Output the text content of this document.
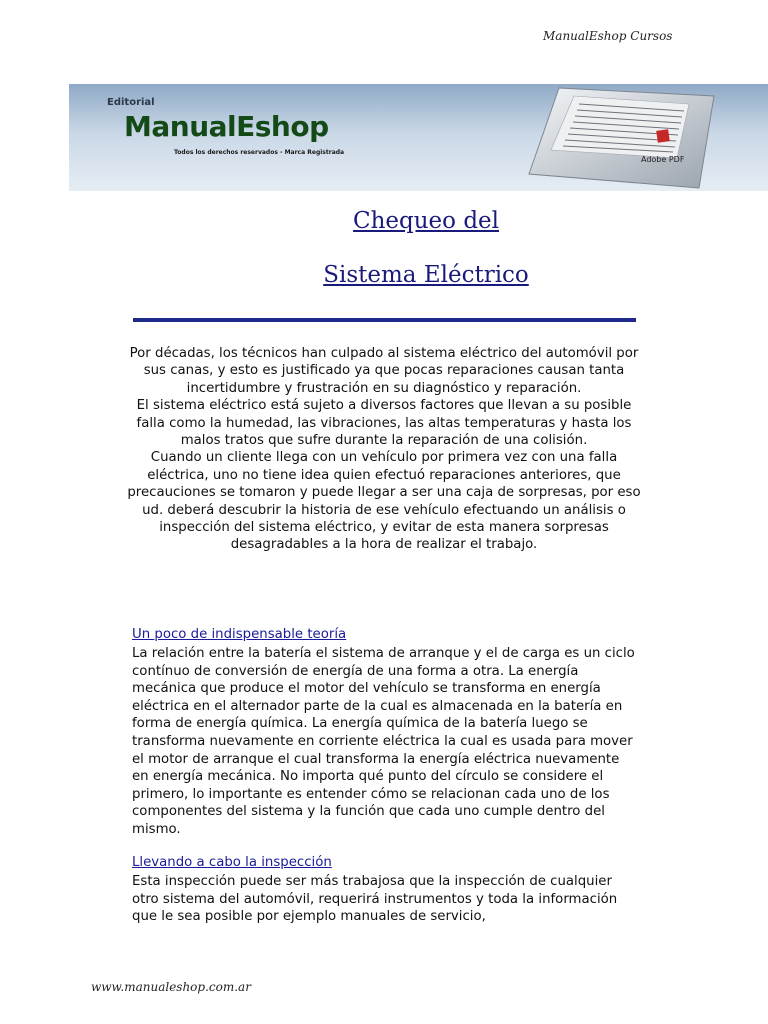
ManualEshop Cursos
Editorial
ManualEshop
Todos los derechos reservados - Marca Registrada
Adobe PDF
Chequeo del
Sistema Eléctrico

Por décadas, los técnicos han culpado al sistema eléctrico del automóvil por sus canas, y esto es justificado ya que pocas reparaciones causan tanta incertidumbre y frustración en su diagnóstico y reparación.

El sistema eléctrico está sujeto a diversos factores que llevan a su posible falla como la humedad, las vibraciones, las altas temperaturas y hasta los malos tratos que sufre durante la reparación de una colisión.

Cuando un cliente llega con un vehículo por primera vez con una falla eléctrica, uno no tiene idea quien efectuó reparaciones anteriores, que precauciones se tomaron y puede llegar a ser una caja de sorpresas, por eso ud. deberá descubrir la historia de ese vehículo efectuando un análisis o inspección del sistema eléctrico, y evitar de esta manera sorpresas desagradables a la hora de realizar el trabajo.

Un poco de indispensable teoría

La relación entre la batería el sistema de arranque y el de carga es un ciclo contínuo de conversión de energía de una forma a otra. La energía mecánica que produce el motor del vehículo se transforma en energía eléctrica en el alternador parte de la cual es almacenada en la batería en forma de energía química. La energía química de la batería luego se transforma nuevamente en corriente eléctrica la cual es usada para mover el motor de arranque el cual transforma la energía eléctrica nuevamente en energía mecánica. No importa qué punto del círculo se considere el primero, lo importante es entender cómo se relacionan cada uno de los componentes del sistema y la función que cada uno cumple dentro del mismo.

Llevando a cabo la inspección

Esta inspección puede ser más trabajosa que la inspección de cualquier otro sistema del automóvil, requerirá instrumentos y toda la información que le sea posible por ejemplo manuales de servicio,

www.manualeshop.com.ar
